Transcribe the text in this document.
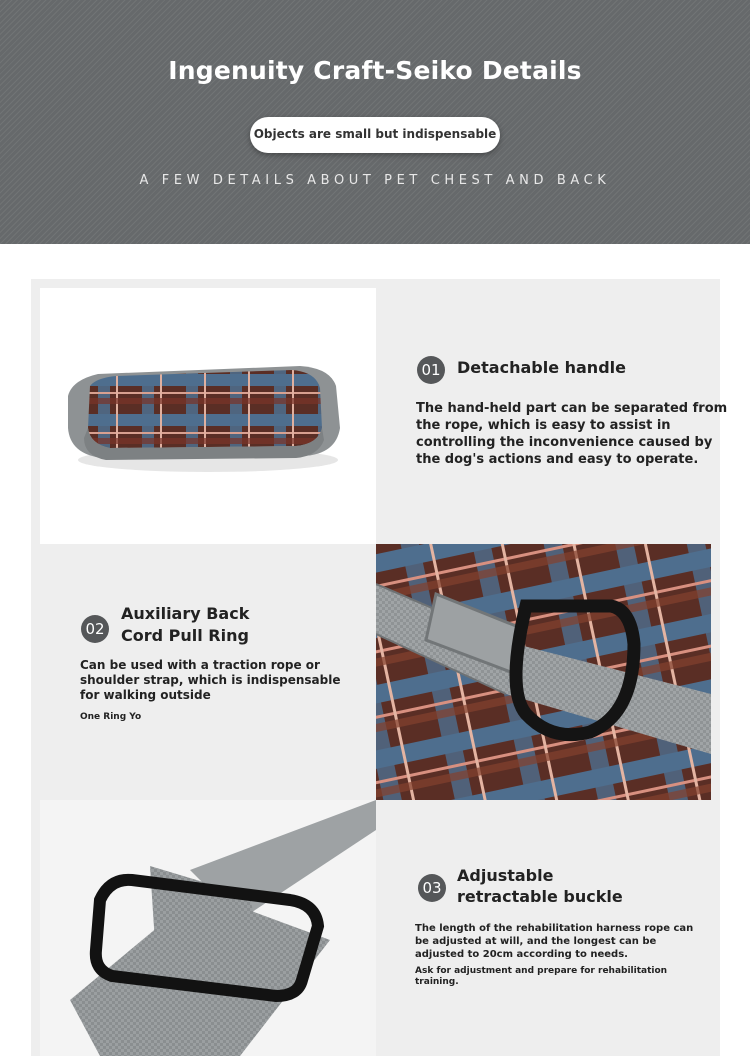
Ingenuity Craft-Seiko Details
Objects are small but indispensable
A FEW DETAILS ABOUT PET CHEST AND BACK
01 Detachable handle
The hand-held part can be separated from
the rope, which is easy to assist in
controlling the inconvenience caused by
the dog's actions and easy to operate.
02
Auxiliary Back
Cord Pull Ring
Can be used with a traction rope or
shoulder strap, which is indispensable
for walking outside
One Ring Yo
03
Adjustable
retractable buckle
The length of the rehabilitation harness rope can
be adjusted at will, and the longest can be
adjusted to 20cm according to needs.
Ask for adjustment and prepare for rehabilitation
training.
